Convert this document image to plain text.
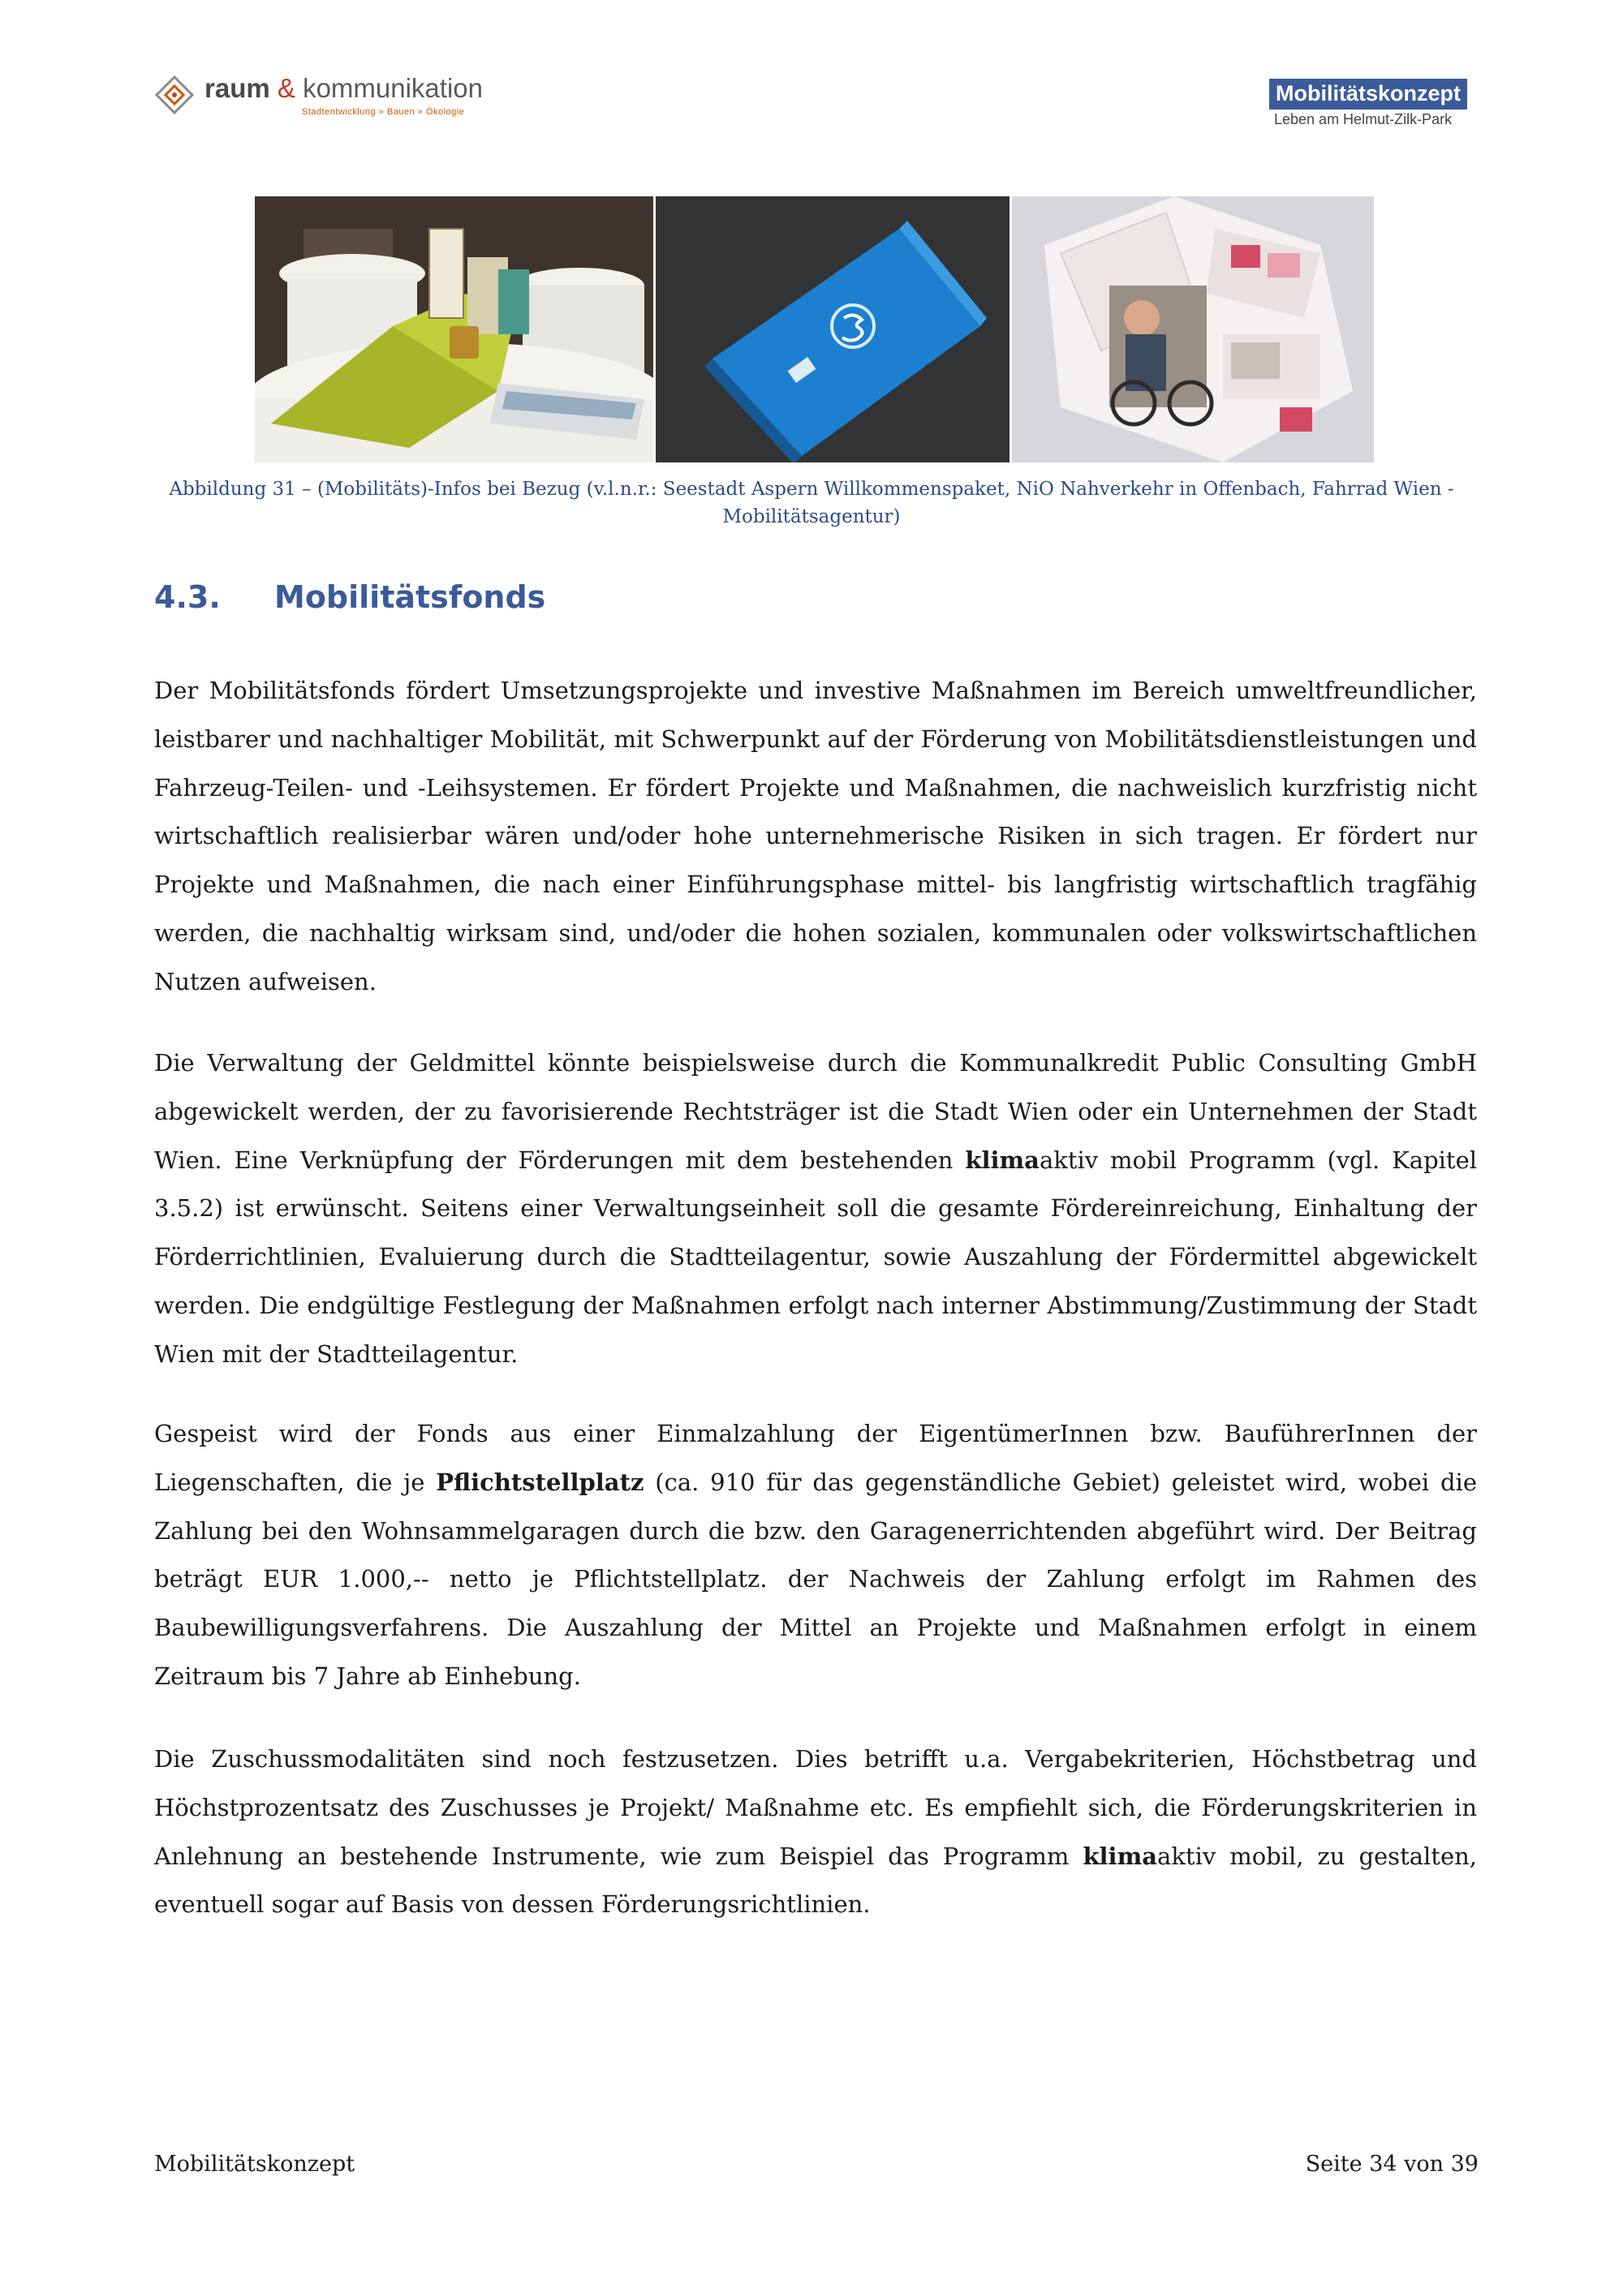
raum & kommunikation
Stadtentwicklung » Bauen » Ökologie
Mobilitätskonzept
Leben am Helmut-Zilk-Park
Abbildung 31 – (Mobilitäts)-Infos bei Bezug (v.l.n.r.: Seestadt Aspern Willkommenspaket, NiO Nahverkehr in Offenbach, Fahrrad Wien -
Mobilitätsagentur)
4.3. Mobilitätsfonds
Der Mobilitätsfonds fördert Umsetzungsprojekte und investive Maßnahmen im Bereich umweltfreundlicher, leistbarer und nachhaltiger Mobilität, mit Schwerpunkt auf der Förderung von Mobilitätsdienstleistungen und Fahrzeug-Teilen- und -Leihsystemen. Er fördert Projekte und Maßnahmen, die nachweislich kurzfristig nicht wirtschaftlich realisierbar wären und/oder hohe unternehmerische Risiken in sich tragen. Er fördert nur Projekte und Maßnahmen, die nach einer Einführungsphase mittel- bis langfristig wirtschaftlich tragfähig werden, die nachhaltig wirksam sind, und/oder die hohen sozialen, kommunalen oder volkswirtschaftlichen Nutzen aufweisen.
Die Verwaltung der Geldmittel könnte beispielsweise durch die Kommunalkredit Public Consulting GmbH abgewickelt werden, der zu favorisierende Rechtsträger ist die Stadt Wien oder ein Unternehmen der Stadt Wien. Eine Verknüpfung der Förderungen mit dem bestehenden klimaaktiv mobil Programm (vgl. Kapitel 3.5.2) ist erwünscht. Seitens einer Verwaltungseinheit soll die gesamte Fördereinreichung, Einhaltung der Förderrichtlinien, Evaluierung durch die Stadtteilagentur, sowie Auszahlung der Fördermittel abgewickelt werden. Die endgültige Festlegung der Maßnahmen erfolgt nach interner Abstimmung/Zustimmung der Stadt Wien mit der Stadtteilagentur.
Gespeist wird der Fonds aus einer Einmalzahlung der EigentümerInnen bzw. BauführerInnen der Liegenschaften, die je Pflichtstellplatz (ca. 910 für das gegenständliche Gebiet) geleistet wird, wobei die Zahlung bei den Wohnsammelgaragen durch die bzw. den Garagenerrichtenden abgeführt wird. Der Beitrag beträgt EUR 1.000,-- netto je Pflichtstellplatz. der Nachweis der Zahlung erfolgt im Rahmen des Baubewilligungsverfahrens. Die Auszahlung der Mittel an Projekte und Maßnahmen erfolgt in einem Zeitraum bis 7 Jahre ab Einhebung.
Die Zuschussmodalitäten sind noch festzusetzen. Dies betrifft u.a. Vergabekriterien, Höchstbetrag und Höchstprozentsatz des Zuschusses je Projekt/ Maßnahme etc. Es empfiehlt sich, die Förderungskriterien in Anlehnung an bestehende Instrumente, wie zum Beispiel das Programm klimaaktiv mobil, zu gestalten, eventuell sogar auf Basis von dessen Förderungsrichtlinien.
Mobilitätskonzept	Seite 34 von 39
